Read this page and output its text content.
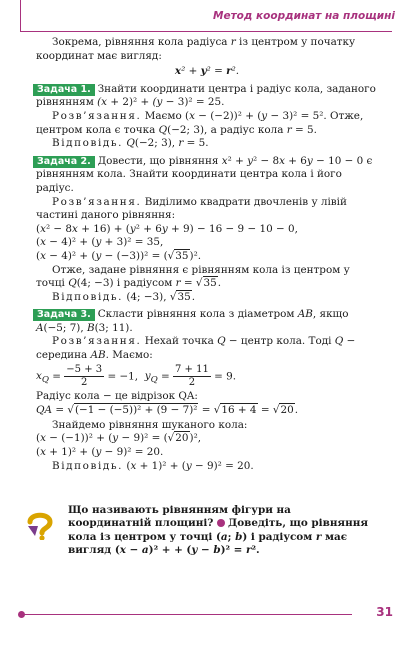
Метод координат на площині

Зокрема, рівняння кола радіуса r із центром у початку координат має вигляд:

x² + y² = r².

Задача 1. Знайти координати центра і радіус кола, заданого рівнянням (x + 2)² + (y − 3)² = 25.

Розв’язання. Маємо (x − (−2))² + (y − 3)² = 5². Отже, центром кола є точка Q(−2; 3), а радіус кола r = 5.

Відповідь. Q(−2; 3), r = 5.

Задача 2. Довести, що рівняння x² + y² − 8x + 6y − 10 − 0 є рівнянням кола. Знайти координати центра кола і його радіус.

Розв’язання. Виділимо квадрати двочленів у лівій частині даного рівняння:

(x² − 8x + 16) + (y² + 6y + 9) − 16 − 9 − 10 − 0,

(x − 4)² + (y + 3)² = 35,

(x − 4)² + (y − (−3))² = (√35)².

Отже, задане рівняння є рівнянням кола із центром у точці Q(4; −3) і радіусом r = √35.

Відповідь. (4; −3), √35.

Задача 3. Скласти рівняння кола з діаметром AB, якщо A(−5; 7), B(3; 11).

Розв’язання. Нехай точка Q − центр кола. Тоді Q − середина AB. Маємо:

$x_Q = \frac{-5 + 3}{2} = -1$, $y_Q = \frac{7 + 11}{2} = 9$.

Радіус кола − це відрізок QA:

QA = √(−1 − (−5))² + (9 − 7)² = √16 + 4 = √20.

Знайдемо рівняння шуканого кола:

(x − (−1))² + (y − 9)² = (√20)²,

(x + 1)² + (y − 9)² = 20.

Відповідь. (x + 1)² + (y − 9)² = 20.

Що називають рівнянням фігури на координатній площині? Доведіть, що рівняння кола із центром у точці (a; b) і радіусом r має вигляд (x − a)² + + (y − b)² = r².
31
